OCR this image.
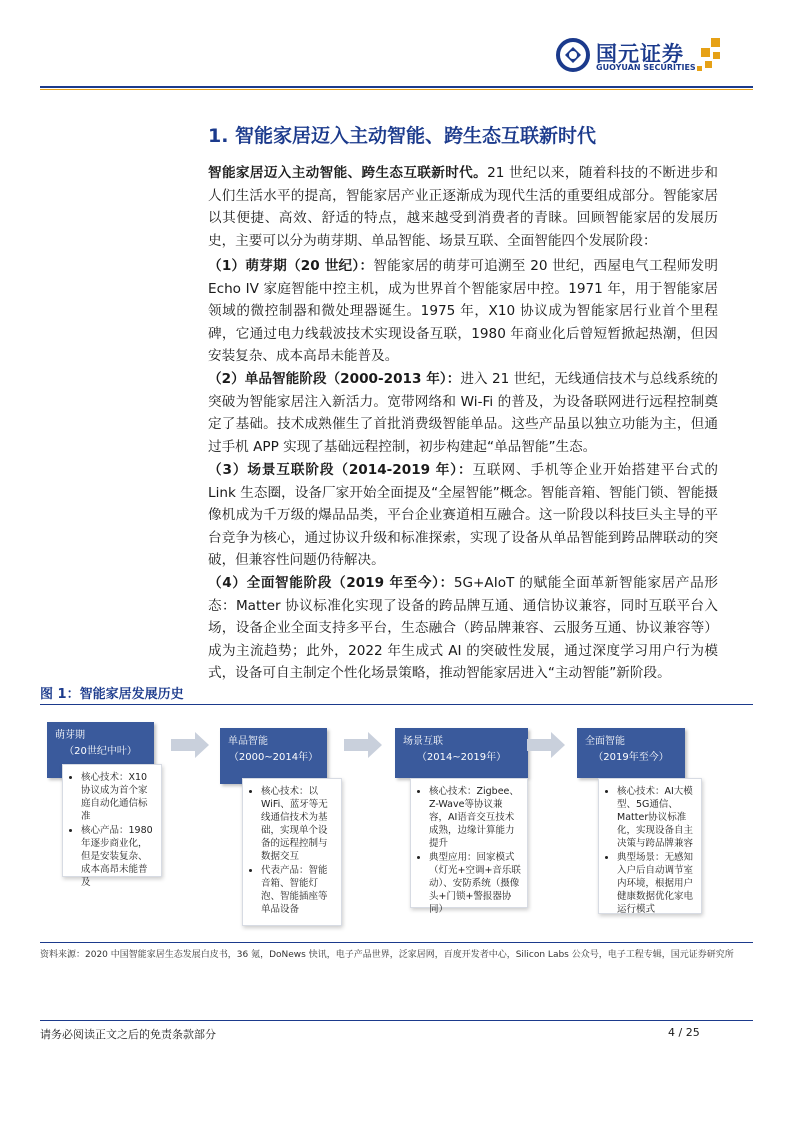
国元证券
GUOYUAN SECURITIES
1. 智能家居迈入主动智能、跨生态互联新时代
智能家居迈入主动智能、跨生态互联新时代。21 世纪以来，随着科技的不断进步和人们生活水平的提高，智能家居产业正逐渐成为现代生活的重要组成部分。智能家居以其便捷、高效、舒适的特点，越来越受到消费者的青睐。回顾智能家居的发展历史，主要可以分为萌芽期、单品智能、场景互联、全面智能四个发展阶段：
（1）萌芽期（20 世纪）：智能家居的萌芽可追溯至 20 世纪，西屋电气工程师发明 Echo IV 家庭智能中控主机，成为世界首个智能家居中控。1971 年，用于智能家居领域的微控制器和微处理器诞生。1975 年，X10 协议成为智能家居行业首个里程碑，它通过电力线载波技术实现设备互联，1980 年商业化后曾短暂掀起热潮，但因安装复杂、成本高昂未能普及。
（2）单品智能阶段（2000-2013 年）：进入 21 世纪，无线通信技术与总线系统的突破为智能家居注入新活力。宽带网络和 Wi-Fi 的普及，为设备联网进行远程控制奠定了基础。技术成熟催生了首批消费级智能单品。这些产品虽以独立功能为主，但通过手机 APP 实现了基础远程控制，初步构建起“单品智能”生态。
（3）场景互联阶段（2014-2019 年）：互联网、手机等企业开始搭建平台式的 Link 生态圈，设备厂家开始全面提及“全屋智能”概念。智能音箱、智能门锁、智能摄像机成为千万级的爆品品类，平台企业赛道相互融合。这一阶段以科技巨头主导的平台竞争为核心，通过协议升级和标准探索，实现了设备从单品智能到跨品牌联动的突破，但兼容性问题仍待解决。
（4）全面智能阶段（2019 年至今）：5G+AIoT 的赋能全面革新智能家居产品形态：Matter 协议标准化实现了设备的跨品牌互通、通信协议兼容，同时互联平台入场，设备企业全面支持多平台，生态融合（跨品牌兼容、云服务互通、协议兼容等）成为主流趋势；此外，2022 年生成式 AI 的突破性发展，通过深度学习用户行为模式，设备可自主制定个性化场景策略，推动智能家居进入“主动智能”新阶段。
图 1：智能家居发展历史
萌芽期
（20世纪中叶）
• 核心技术：X10协议成为首个家庭自动化通信标准
• 核心产品：1980年逐步商业化，但是安装复杂、成本高昂未能普及
单品智能
（2000~2014年）
• 核心技术：以WiFi、蓝牙等无线通信技术为基础，实现单个设备的远程控制与数据交互
• 代表产品：智能音箱、智能灯泡、智能插座等单品设备
场景互联
（2014~2019年）
• 核心技术：Zigbee、Z-Wave等协议兼容，AI语音交互技术成熟，边缘计算能力提升
• 典型应用：回家模式（灯光+空调+音乐联动）、安防系统（摄像头+门锁+警报器协同）
全面智能
（2019年至今）
• 核心技术：AI大模型、5G通信、Matter协议标准化，实现设备自主决策与跨品牌兼容
• 典型场景：无感知入户后自动调节室内环境，根据用户健康数据优化家电运行模式
资料来源：2020 中国智能家居生态发展白皮书，36 氪，DoNews 快讯，电子产品世界，泛家居网，百度开发者中心，Silicon Labs 公众号，电子工程专辑，国元证券研究所
请务必阅读正文之后的免责条款部分	4 / 25
